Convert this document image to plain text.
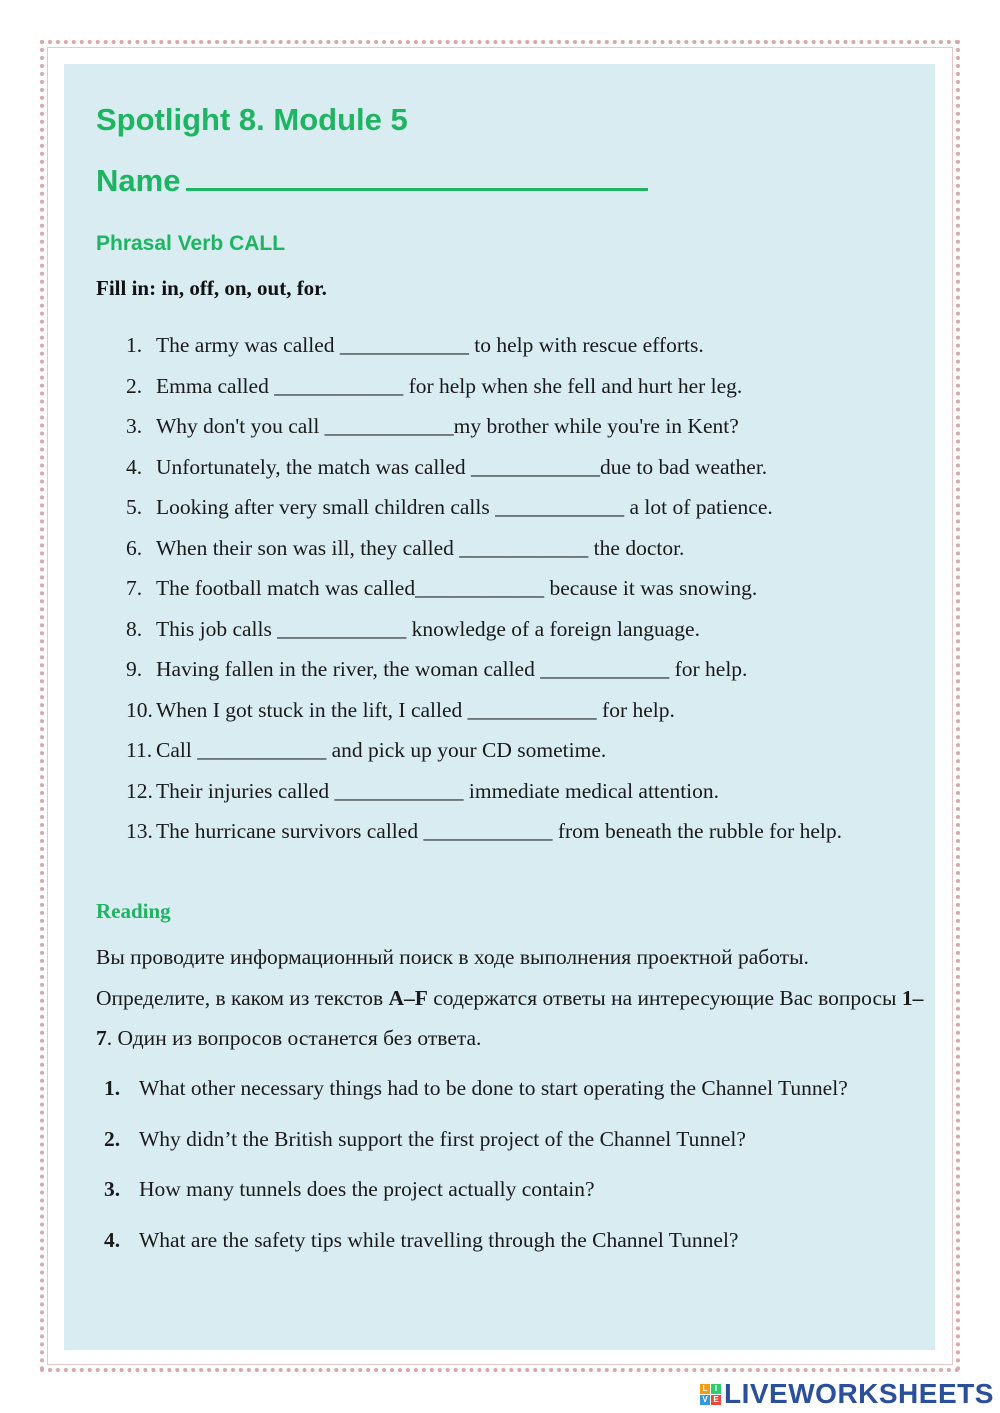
Spotlight 8. Module 5
Name
Phrasal Verb CALL

Fill in: in, off, on, out, for.

1. The army was called ____________ to help with rescue efforts.
2. Emma called ____________ for help when she fell and hurt her leg.
3. Why don't you call ____________my brother while you're in Kent?
4. Unfortunately, the match was called ____________due to bad weather.
5. Looking after very small children calls ____________ a lot of patience.
6. When their son was ill, they called ____________ the doctor.
7. The football match was called____________ because it was snowing.
8. This job calls ____________ knowledge of a foreign language.
9. Having fallen in the river, the woman called ____________ for help.
10. When I got stuck in the lift, I called ____________ for help.
11. Call ____________ and pick up your CD sometime.
12. Their injuries called ____________ immediate medical attention.
13. The hurricane survivors called ____________ from beneath the rubble for help.
Reading

Вы проводите информационный поиск в ходе выполнения проектной работы. Определите, в каком из текстов A–F содержатся ответы на интересующие Вас вопросы 1–7. Один из вопросов останется без ответа.

1. What other necessary things had to be done to start operating the Channel Tunnel?
2. Why didn’t the British support the first project of the Channel Tunnel?
3. How many tunnels does the project actually contain?
4. What are the safety tips while travelling through the Channel Tunnel?
L I
V E LIVEWORKSHEETS
